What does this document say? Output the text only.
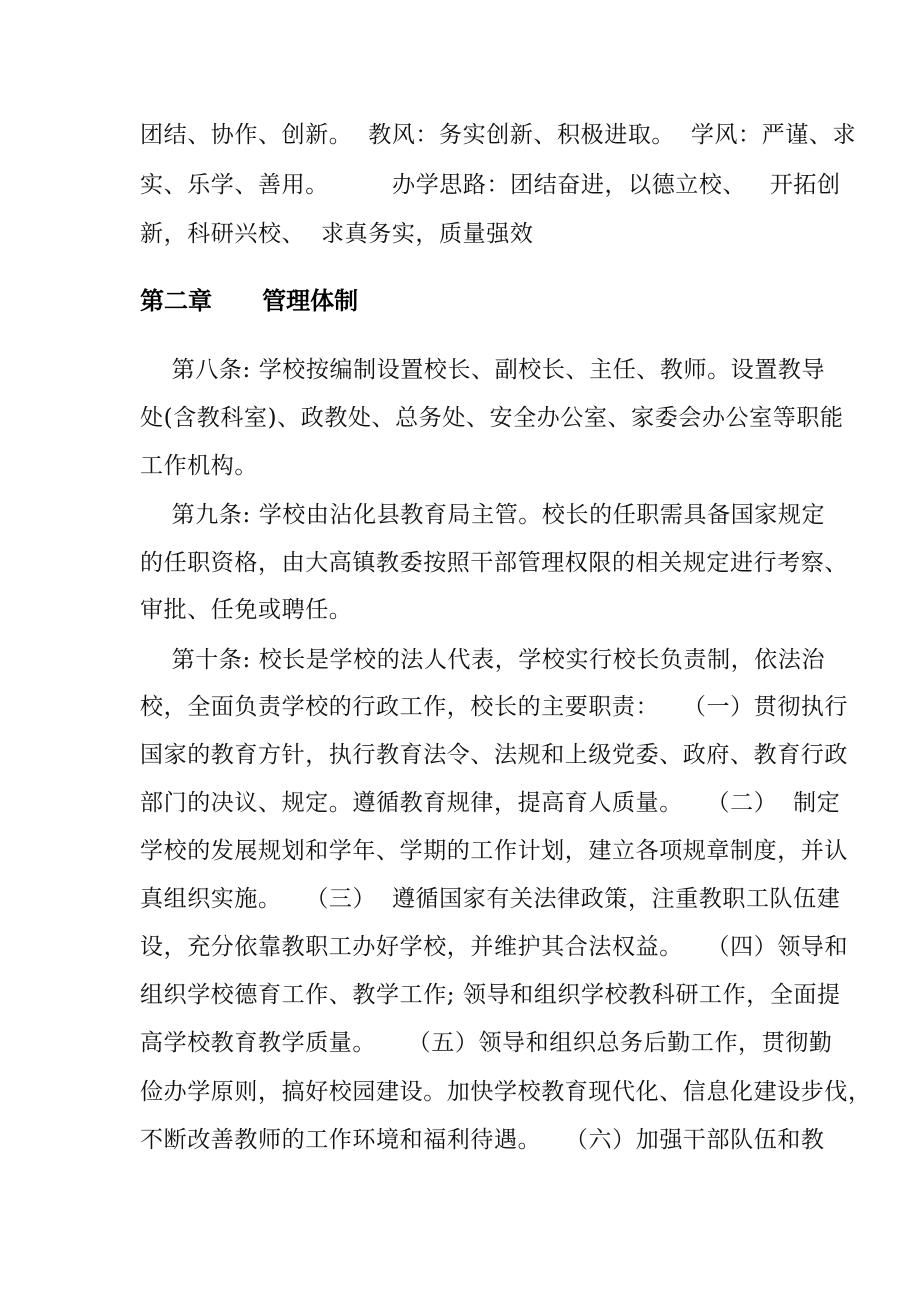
团结、协作、创新。  教风：务实创新、积极进取。  学风：严谨、求
实、乐学、善用。        办学思路：团结奋进，以德立校、   开拓创
新，科研兴校、  求真务实，质量强效
第二章      管理体制
第八条: 学校按编制设置校长、副校长、主任、教师。设置教导
处(含教科室)、政教处、总务处、安全办公室、家委会办公室等职能
工作机构。
第九条: 学校由沾化县教育局主管。校长的任职需具备国家规定
的任职资格，由大高镇教委按照干部管理权限的相关规定进行考察、
审批、任免或聘任。
第十条: 校长是学校的法人代表，学校实行校长负责制，依法治
校，全面负责学校的行政工作，校长的主要职责：   （一）贯彻执行
国家的教育方针，执行教育法令、法规和上级党委、政府、教育行政
部门的决议、规定。遵循教育规律，提高育人质量。   （二）  制定
学校的发展规划和学年、学期的工作计划，建立各项规章制度，并认
真组织实施。   （三）  遵循国家有关法律政策，注重教职工队伍建
设，充分依靠教职工办好学校，并维护其合法权益。   （四）领导和
组织学校德育工作、教学工作; 领导和组织学校教科研工作，全面提
高学校教育教学质量。    （五）领导和组织总务后勤工作，贯彻勤
俭办学原则，搞好校园建设。加快学校教育现代化、信息化建设步伐，
不断改善教师的工作环境和福利待遇。   （六）加强干部队伍和教
